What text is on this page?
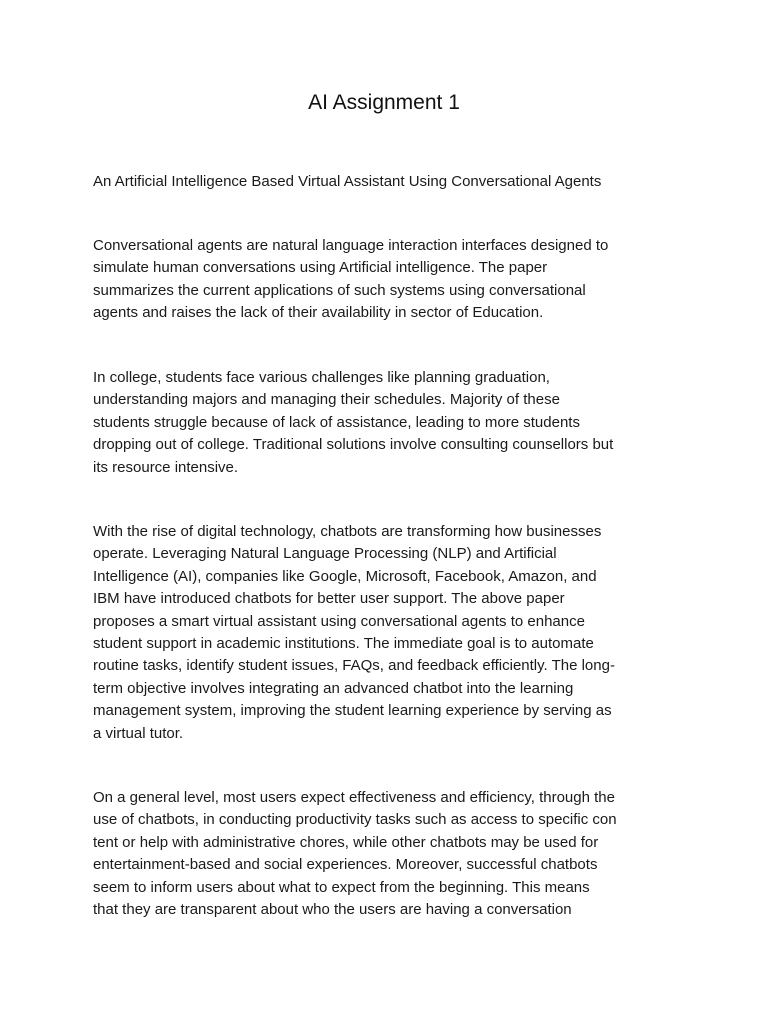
AI Assignment 1
An Artificial Intelligence Based Virtual Assistant Using Conversational Agents
Conversational agents are natural language interaction interfaces designed to
simulate human conversations using Artificial intelligence. The paper
summarizes the current applications of such systems using conversational
agents and raises the lack of their availability in sector of Education.
In college, students face various challenges like planning graduation,
understanding majors and managing their schedules. Majority of these
students struggle because of lack of assistance, leading to more students
dropping out of college. Traditional solutions involve consulting counsellors but
its resource intensive.
With the rise of digital technology, chatbots are transforming how businesses
operate. Leveraging Natural Language Processing (NLP) and Artificial
Intelligence (AI), companies like Google, Microsoft, Facebook, Amazon, and
IBM have introduced chatbots for better user support. The above paper
proposes a smart virtual assistant using conversational agents to enhance
student support in academic institutions. The immediate goal is to automate
routine tasks, identify student issues, FAQs, and feedback efficiently. The long-
term objective involves integrating an advanced chatbot into the learning
management system, improving the student learning experience by serving as
a virtual tutor.
On a general level, most users expect effectiveness and efficiency, through the
use of chatbots, in conducting productivity tasks such as access to specific con
tent or help with administrative chores, while other chatbots may be used for
entertainment-based and social experiences. Moreover, successful chatbots
seem to inform users about what to expect from the beginning. This means
that they are transparent about who the users are having a conversation
